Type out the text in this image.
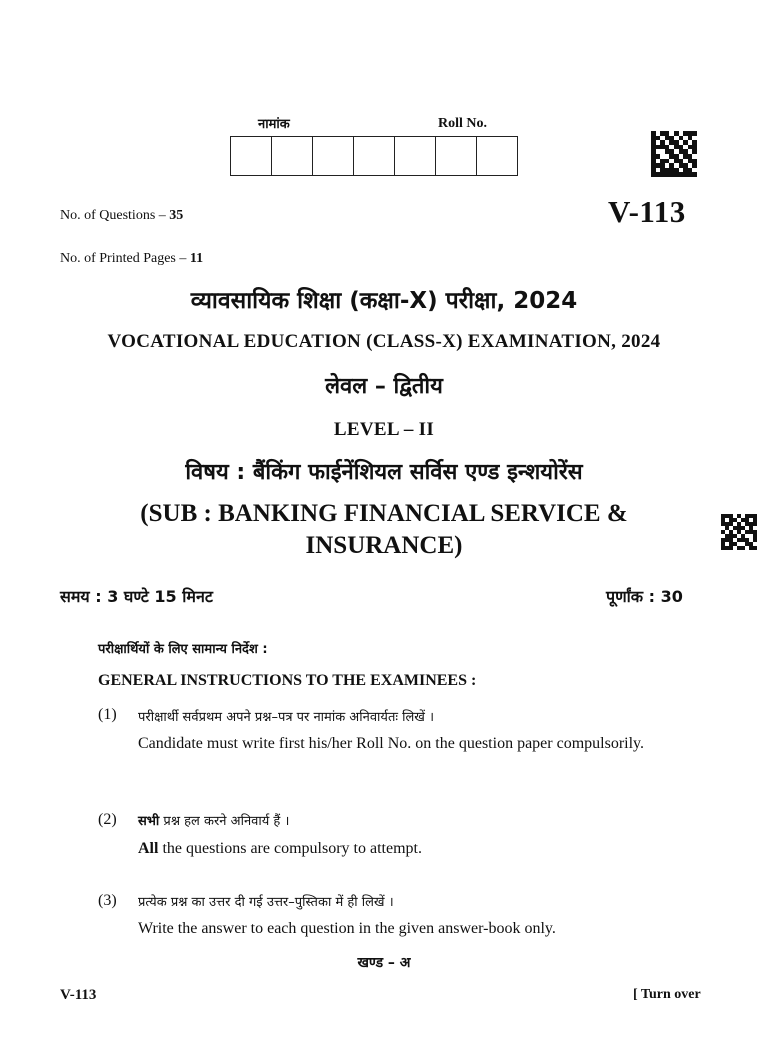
नामांक	Roll No.
No. of Questions – 35	V-113
No. of Printed Pages – 11
व्यावसायिक शिक्षा (कक्षा-X) परीक्षा, 2024
VOCATIONAL EDUCATION (CLASS-X) EXAMINATION, 2024
लेवल – द्वितीय
LEVEL – II
विषय : बैंकिंग फाईनेंशियल सर्विस एण्ड इन्शयोरेंस
(SUB : BANKING FINANCIAL SERVICE &
INSURANCE)
समय : 3 घण्टे 15 मिनट	पूर्णांक : 30
परीक्षार्थियों के लिए सामान्य निर्देश :
GENERAL INSTRUCTIONS TO THE EXAMINEES :
(1) परीक्षार्थी सर्वप्रथम अपने प्रश्न–पत्र पर नामांक अनिवार्यतः लिखें ।
Candidate must write first his/her Roll No. on the question paper compulsorily.
(2) सभी प्रश्न हल करने अनिवार्य हैं ।
All the questions are compulsory to attempt.
(3) प्रत्येक प्रश्न का उत्तर दी गई उत्तर–पुस्तिका में ही लिखें ।
Write the answer to each question in the given answer-book only.
खण्ड – अ
V-113	[ Turn over
